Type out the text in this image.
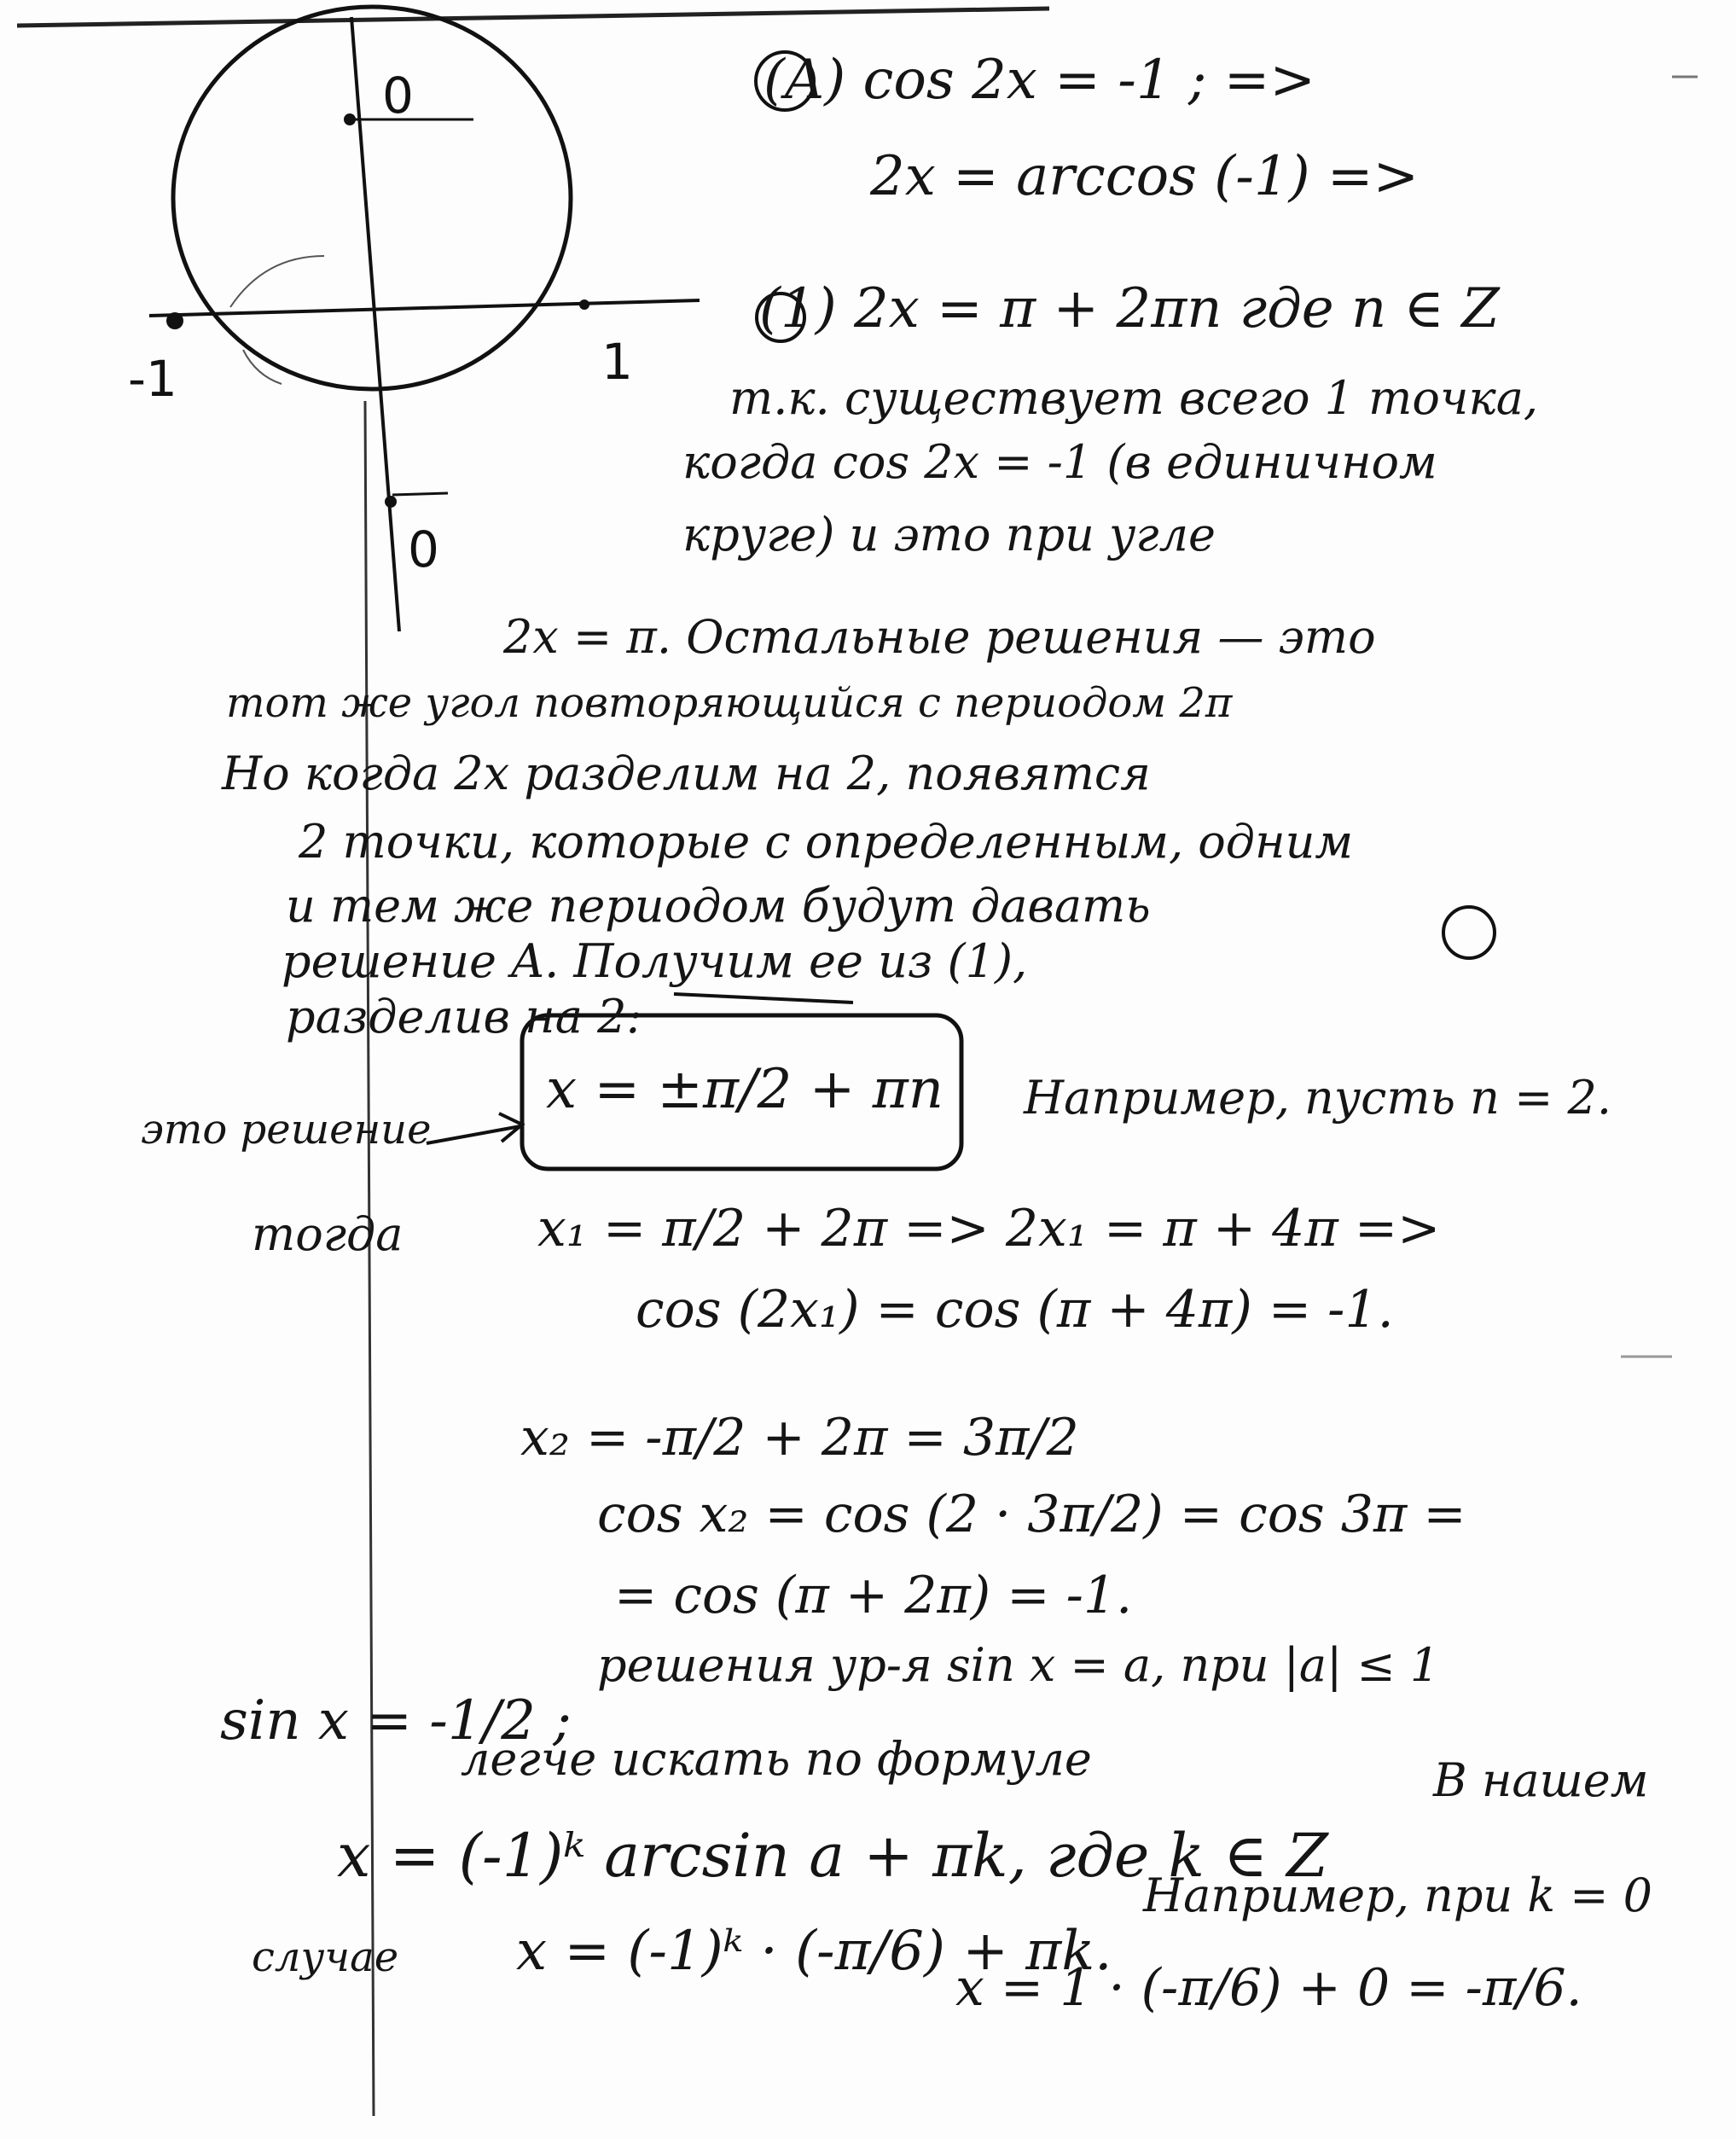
0
0
-1	1
(A) cos 2x = -1 ; =>
2x = arccos (-1) =>
(1) 2x = π + 2πn где n ∈ Z
т.к. существует всего 1 точка,
когда cos 2x = -1 (в единичном
круге) и это при угле
2x = π. Остальные решения — это
тот же угол повторяющийся с периодом 2π
Но когда 2x разделим на 2, появятся
2 точки, которые с определенным, одним
и тем же периодом будут давать
решение A. Получим ее из (1),
разделив на 2:
это решение
x = ±π/2 + πn Например, пусть n = 2.
тогда	x₁ = π/2 + 2π => 2x₁ = π + 4π =>
cos (2x₁) = cos (π + 4π) = -1.
x₂ = -π/2 + 2π = 3π/2
cos x₂ = cos (2 · 3π/2) = cos 3π =
= cos (π + 2π) = -1.
sin x = -1/2 ;
решения ур-я sin x = a, при |a| ≤ 1
легче искать по формуле	В нашем
x = (-1)ᵏ arcsin a + πk, где k ∈ Z
случае x = (-1)ᵏ · (-π/6) + πk.
Например, при k = 0
x = 1 · (-π/6) + 0 = -π/6.
